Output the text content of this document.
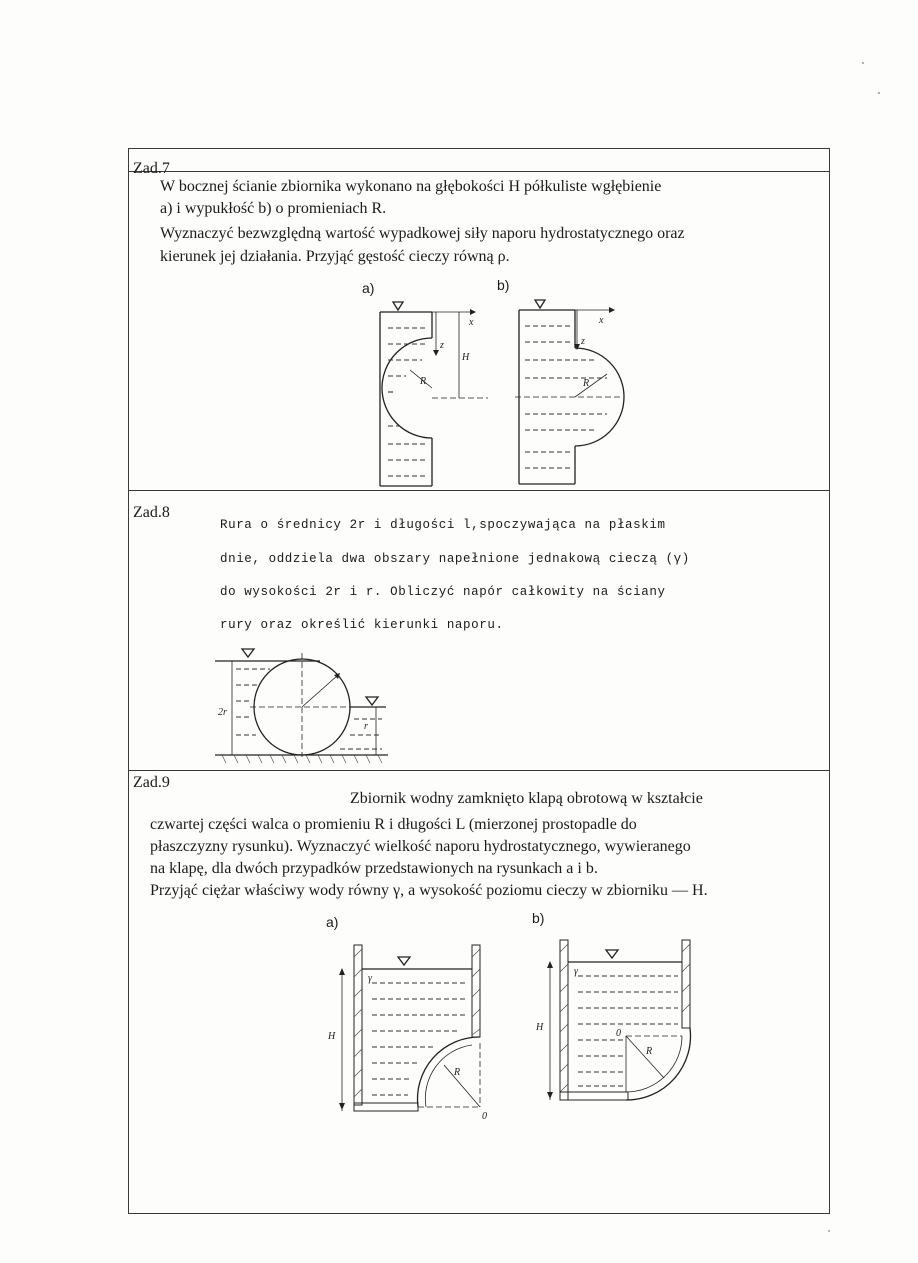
Zad.7
W bocznej ścianie zbiornika wykonano na głębokości H półkuliste wgłębienie
a) i wypukłość b) o promieniach R.
Wyznaczyć bezwzględną wartość wypadkowej siły naporu hydrostatycznego oraz
kierunek jej działania. Przyjąć gęstość cieczy równą ρ.
a)	b)
x
z
H
R
x
z
R
Zad.8
Rura o średnicy 2r i długości l,spoczywająca na płaskim
dnie, oddziela dwa obszary napełnione jednakową cieczą (γ)
do wysokości 2r i r. Obliczyć napór całkowity na ściany
rury oraz określić kierunki naporu.
2r
r
Zad.9
Zbiornik wodny zamknięto klapą obrotową w kształcie
czwartej części walca o promieniu R i długości L (mierzonej prostopadle do
płaszczyzny rysunku). Wyznaczyć wielkość naporu hydrostatycznego, wywieranego
na klapę, dla dwóch przypadków przedstawionych na rysunkach a i b.
Przyjąć ciężar właściwy wody równy γ, a wysokość poziomu cieczy w zbiorniku — H.
a)	b)
H
γ
R
0
H
γ
0
R
